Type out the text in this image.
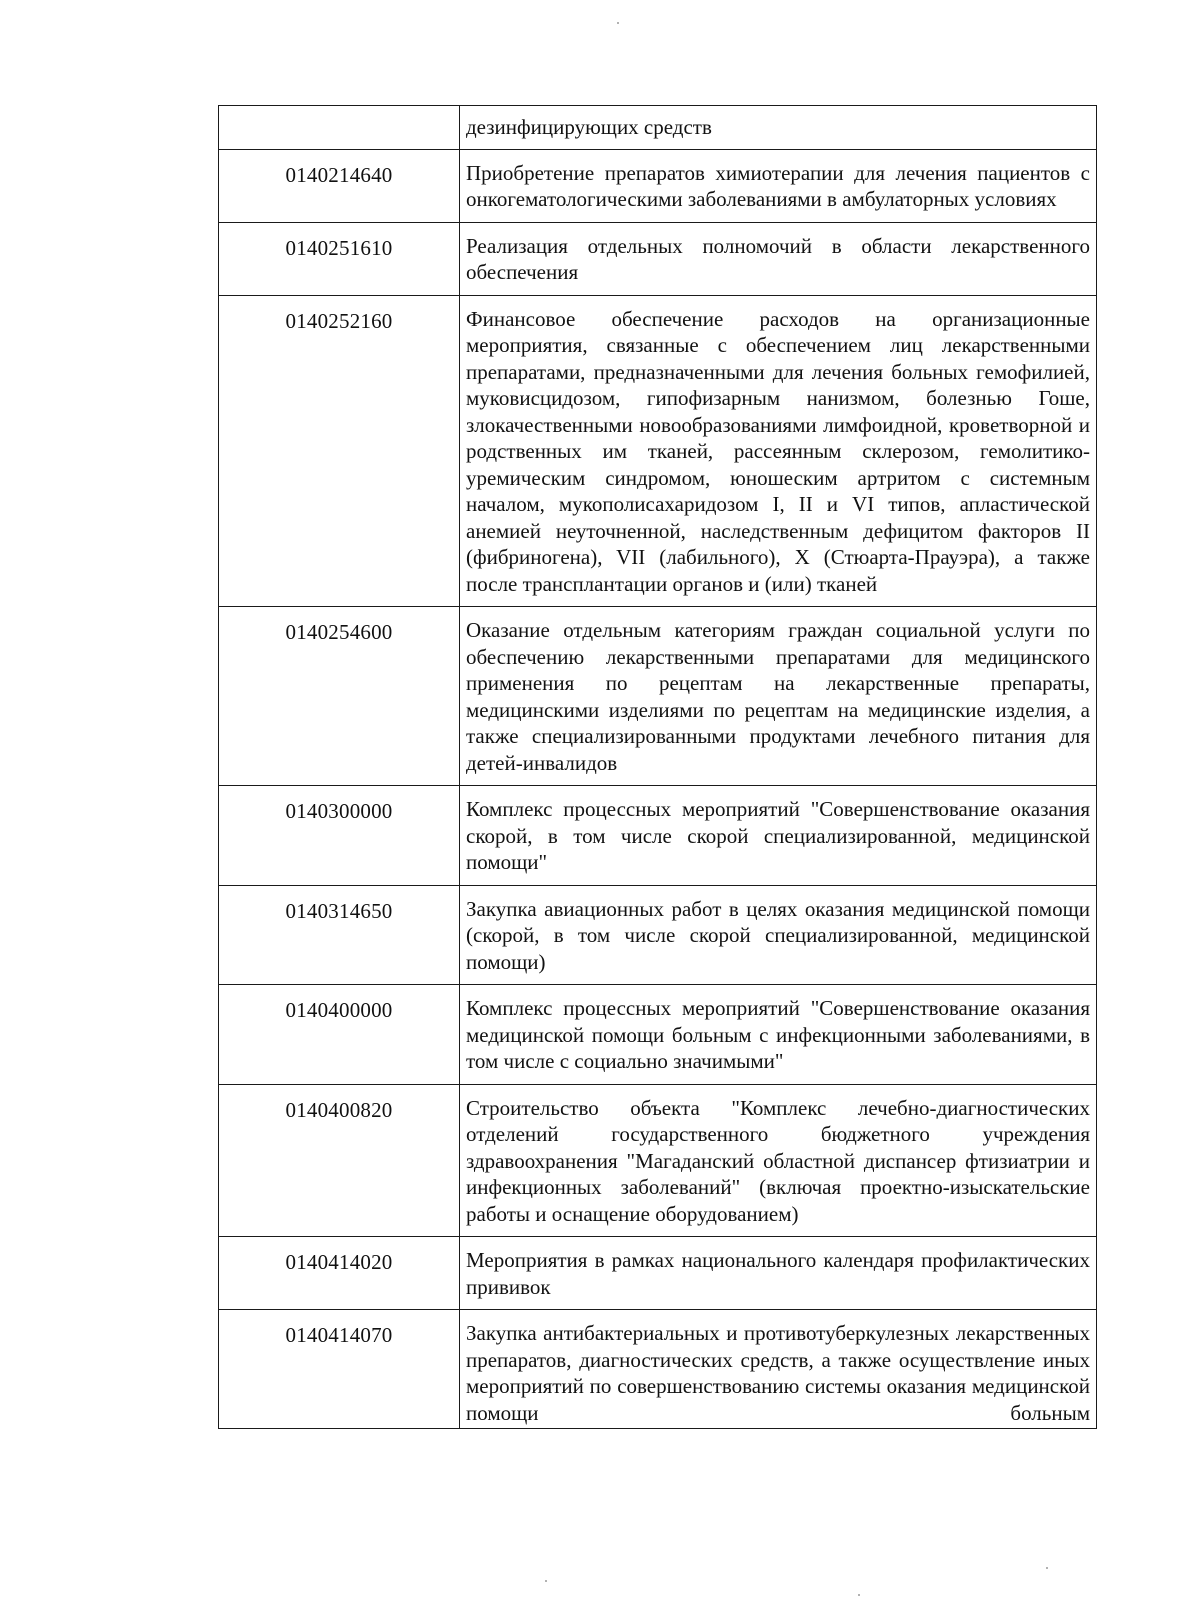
	дезинфицирующих средств
0140214640	Приобретение препаратов химиотерапии для лечения пациентов с онкогематологическими заболеваниями в амбулаторных условиях
0140251610	Реализация отдельных полномочий в области лекарственного обеспечения
0140252160	Финансовое обеспечение расходов на организационные мероприятия, связанные с обеспечением лиц лекарственными препаратами, предназначенными для лечения больных гемофилией, муковисцидозом, гипофизарным нанизмом, болезнью Гоше, злокачественными новообразованиями лимфоидной, кроветворной и родственных им тканей, рассеянным склерозом, гемолитико-уремическим синдромом, юношеским артритом с системным началом, мукополисахаридозом I, II и VI типов, апластической анемией неуточненной, наследственным дефицитом факторов II (фибриногена), VII (лабильного), X (Стюарта-Прауэра), а также после трансплантации органов и (или) тканей
0140254600	Оказание отдельным категориям граждан социальной услуги по обеспечению лекарственными препаратами для медицинского применения по рецептам на лекарственные препараты, медицинскими изделиями по рецептам на медицинские изделия, а также специализированными продуктами лечебного питания для детей-инвалидов
0140300000	Комплекс процессных мероприятий "Совершенствование оказания скорой, в том числе скорой специализированной, медицинской помощи"
0140314650	Закупка авиационных работ в целях оказания медицинской помощи (скорой, в том числе скорой специализированной, медицинской помощи)
0140400000	Комплекс процессных мероприятий "Совершенствование оказания медицинской помощи больным с инфекционными заболеваниями, в том числе с социально значимыми"
0140400820	Строительство объекта "Комплекс лечебно-диагностических отделений государственного бюджетного учреждения здравоохранения "Магаданский областной диспансер фтизиатрии и инфекционных заболеваний" (включая проектно-изыскательские работы и оснащение оборудованием)
0140414020	Мероприятия в рамках национального календаря профилактических прививок
0140414070	Закупка антибактериальных и противотуберкулезных лекарственных препаратов, диагностических средств, а также осуществление иных мероприятий по совершенствованию системы оказания медицинской помощи больным
